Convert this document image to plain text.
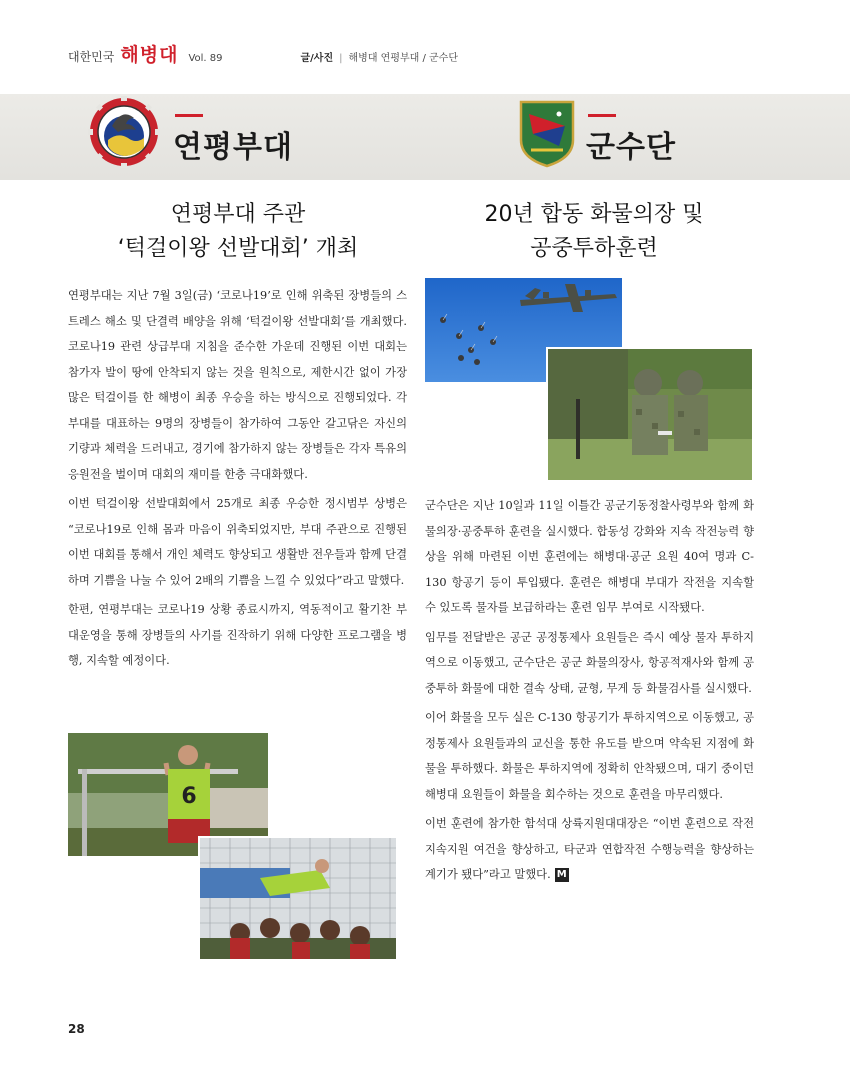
대한민국 해병대 Vol. 89	글/사진 | 해병대 연평부대 / 군수단
연평부대	군수단
연평부대 주관
‘턱걸이왕 선발대회’ 개최
20년 합동 화물의장 및
공중투하훈련

연평부대는 지난 7월 3일(금) ‘코로나19’로 인해 위축된 장병들의 스트레스 해소 및 단결력 배양을 위해 ‘턱걸이왕 선발대회’를 개최했다. 코로나19 관련 상급부대 지침을 준수한 가운데 진행된 이번 대회는 참가자 발이 땅에 안착되지 않는 것을 원칙으로, 제한시간 없이 가장 많은 턱걸이를 한 해병이 최종 우승을 하는 방식으로 진행되었다. 각 부대를 대표하는 9명의 장병들이 참가하여 그동안 갈고닦은 자신의 기량과 체력을 드러내고, 경기에 참가하지 않는 장병들은 각자 특유의 응원전을 벌이며 대회의 재미를 한층 극대화했다.

이번 턱걸이왕 선발대회에서 25개로 최종 우승한 정시범부 상병은 “코로나19로 인해 몸과 마음이 위축되었지만, 부대 주관으로 진행된 이번 대회를 통해서 개인 체력도 향상되고 생활반 전우들과 함께 단결하며 기쁨을 나눌 수 있어 2배의 기쁨을 느낄 수 있었다”라고 말했다.

한편, 연평부대는 코로나19 상황 종료시까지, 역동적이고 활기찬 부대운영을 통해 장병들의 사기를 진작하기 위해 다양한 프로그램을 병행, 지속할 예정이다.

6

군수단은 지난 10일과 11일 이틀간 공군기동정찰사령부와 함께 화물의장·공중투하 훈련을 실시했다. 합동성 강화와 지속 작전능력 향상을 위해 마련된 이번 훈련에는 해병대·공군 요원 40여 명과 C-130 항공기 등이 투입됐다. 훈련은 해병대 부대가 작전을 지속할 수 있도록 물자를 보급하라는 훈련 임무 부여로 시작됐다.

임무를 전달받은 공군 공정통제사 요원들은 즉시 예상 물자 투하지역으로 이동했고, 군수단은 공군 화물의장사, 항공적재사와 함께 공중투하 화물에 대한 결속 상태, 균형, 무게 등 화물검사를 실시했다.

이어 화물을 모두 실은 C-130 항공기가 투하지역으로 이동했고, 공정통제사 요원들과의 교신을 통한 유도를 받으며 약속된 지점에 화물을 투하했다. 화물은 투하지역에 정확히 안착됐으며, 대기 중이던 해병대 요원들이 화물을 회수하는 것으로 훈련을 마무리했다.

이번 훈련에 참가한 함석대 상륙지원대대장은 “이번 훈련으로 작전지속지원 여건을 향상하고, 타군과 연합작전 수행능력을 향상하는 계기가 됐다”라고 말했다. M

28
